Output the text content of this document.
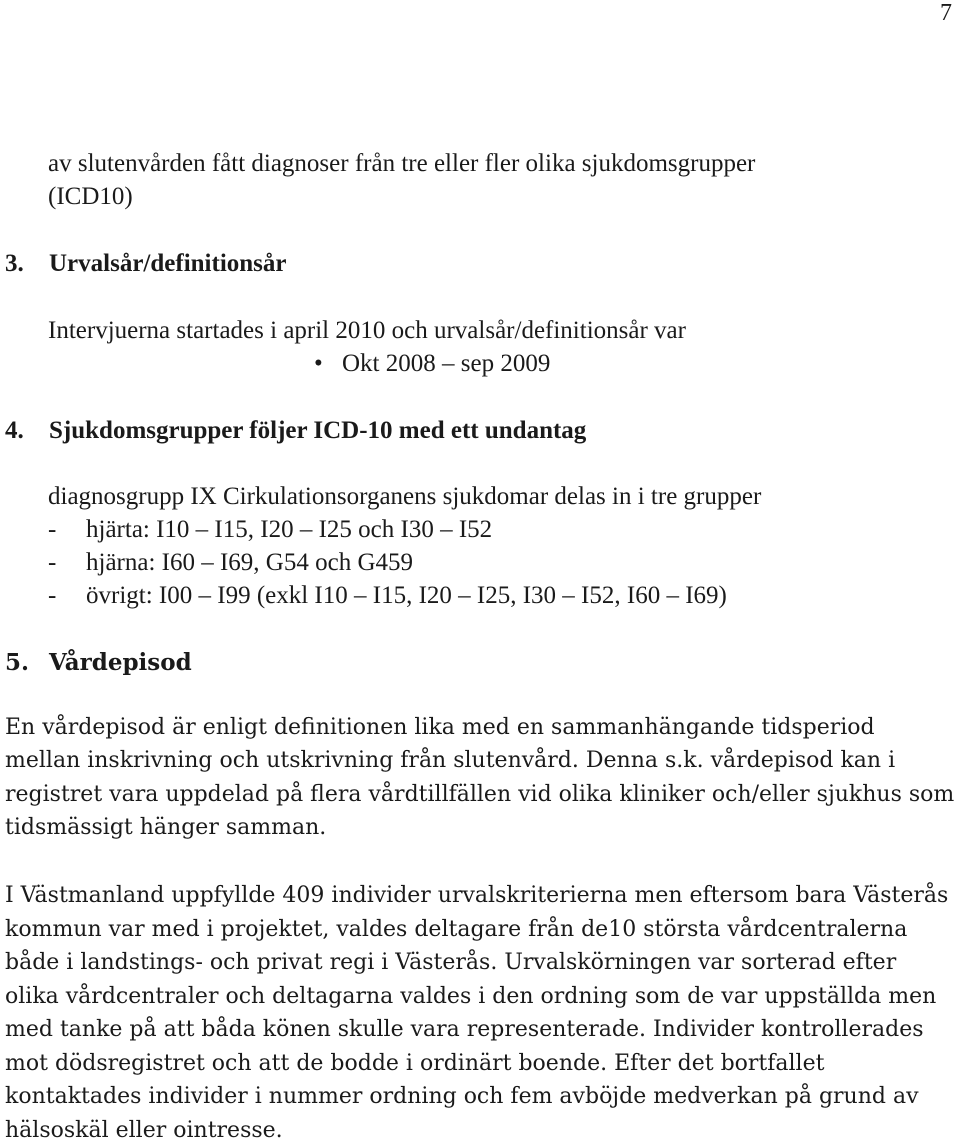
7
av slutenvården fått diagnoser från tre eller fler olika sjukdomsgrupper
(ICD10)
3. Urvalsår/definitionsår
Intervjuerna startades i april 2010 och urvalsår/definitionsår var
• Okt 2008 – sep 2009
4. Sjukdomsgrupper följer ICD-10 med ett undantag
diagnosgrupp IX Cirkulationsorganens sjukdomar delas in i tre grupper
- hjärta: I10 – I15, I20 – I25 och I30 – I52
- hjärna: I60 – I69, G54 och G459
- övrigt: I00 – I99 (exkl I10 – I15, I20 – I25, I30 – I52, I60 – I69)
5. Vårdepisod
En vårdepisod är enligt definitionen lika med en sammanhängande tidsperiod mellan inskrivning och utskrivning från slutenvård. Denna s.k. vårdepisod kan i registret vara uppdelad på flera vårdtillfällen vid olika kliniker och/eller sjukhus som tidsmässigt hänger samman.
I Västmanland uppfyllde 409 individer urvalskriterierna men eftersom bara Västerås kommun var med i projektet, valdes deltagare från de10 största vårdcentralerna både i landstings- och privat regi i Västerås. Urvalskörningen var sorterad efter olika vårdcentraler och deltagarna valdes i den ordning som de var uppställda men med tanke på att båda könen skulle vara representerade. Individer kontrollerades mot dödsregistret och att de bodde i ordinärt boende. Efter det bortfallet kontaktades individer i nummer ordning och fem avböjde medverkan på grund av hälsoskäl eller ointresse.
